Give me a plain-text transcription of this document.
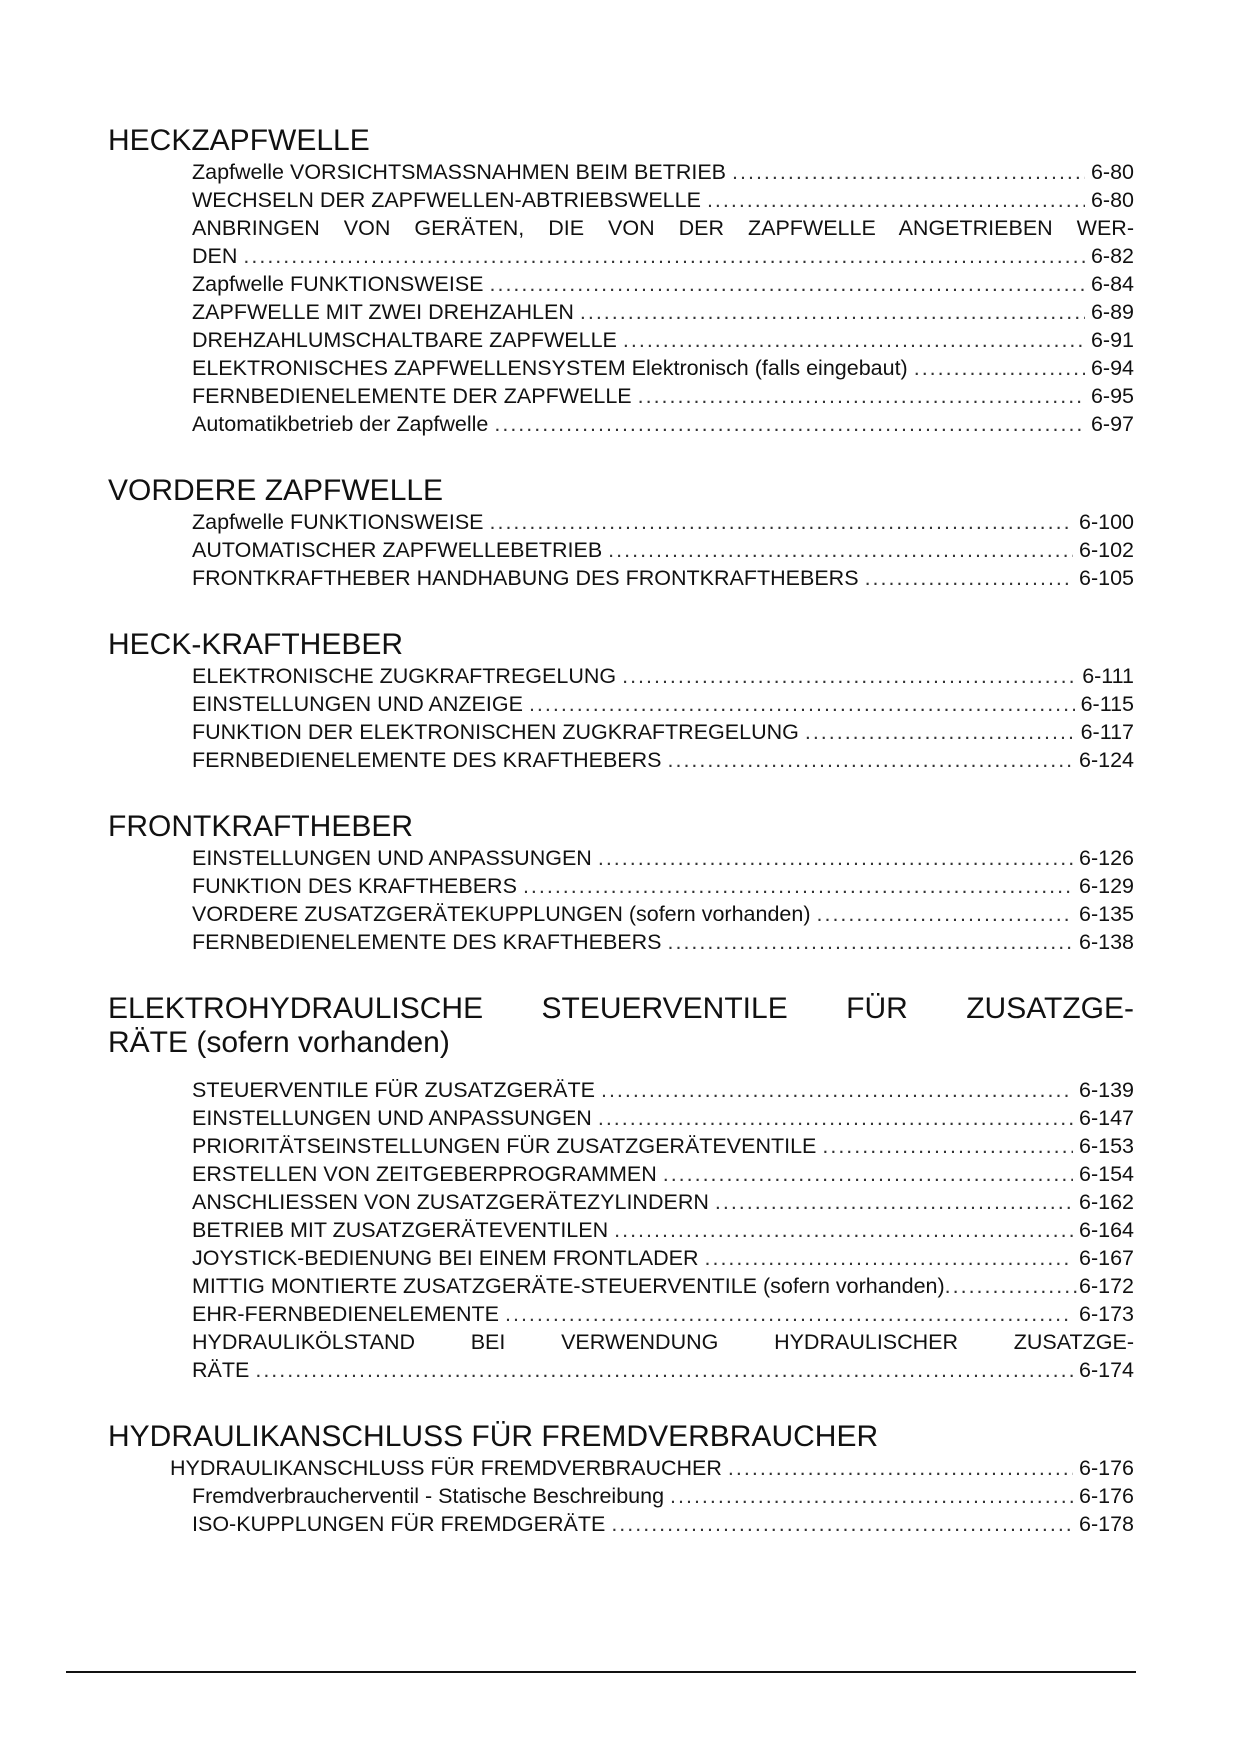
HECKZAPFWELLE
Zapfwelle VORSICHTSMASSNAHMEN BEIM BETRIEB .....	6-80
WECHSELN DER ZAPFWELLEN-ABTRIEBSWELLE .....	6-80
ANBRINGEN VON GERÄTEN, DIE VON DER ZAPFWELLE ANGETRIEBEN WER-
DEN .....	6-82
Zapfwelle FUNKTIONSWEISE .....	6-84
ZAPFWELLE MIT ZWEI DREHZAHLEN .....	6-89
DREHZAHLUMSCHALTBARE ZAPFWELLE .....	6-91
ELEKTRONISCHES ZAPFWELLENSYSTEM Elektronisch (falls eingebaut) .....	6-94
FERNBEDIENELEMENTE DER ZAPFWELLE .....	6-95
Automatikbetrieb der Zapfwelle .....	6-97
VORDERE ZAPFWELLE
Zapfwelle FUNKTIONSWEISE .....	6-100
AUTOMATISCHER ZAPFWELLEBETRIEB .....	6-102
FRONTKRAFTHEBER HANDHABUNG DES FRONTKRAFTHEBERS .....	6-105
HECK-KRAFTHEBER
ELEKTRONISCHE ZUGKRAFTREGELUNG .....	6-111
EINSTELLUNGEN UND ANZEIGE .....	6-115
FUNKTION DER ELEKTRONISCHEN ZUGKRAFTREGELUNG .....	6-117
FERNBEDIENELEMENTE DES KRAFTHEBERS .....	6-124
FRONTKRAFTHEBER
EINSTELLUNGEN UND ANPASSUNGEN .....	6-126
FUNKTION DES KRAFTHEBERS .....	6-129
VORDERE ZUSATZGERÄTEKUPPLUNGEN (sofern vorhanden) .....	6-135
FERNBEDIENELEMENTE DES KRAFTHEBERS .....	6-138
ELEKTROHYDRAULISCHE STEUERVENTILE FÜR ZUSATZGE-
RÄTE (sofern vorhanden)
STEUERVENTILE FÜR ZUSATZGERÄTE .....	6-139
EINSTELLUNGEN UND ANPASSUNGEN .....	6-147
PRIORITÄTSEINSTELLUNGEN FÜR ZUSATZGERÄTEVENTILE .....	6-153
ERSTELLEN VON ZEITGEBERPROGRAMMEN .....	6-154
ANSCHLIESSEN VON ZUSATZGERÄTEZYLINDERN .....	6-162
BETRIEB MIT ZUSATZGERÄTEVENTILEN .....	6-164
JOYSTICK-BEDIENUNG BEI EINEM FRONTLADER .....	6-167
MITTIG MONTIERTE ZUSATZGERÄTE-STEUERVENTILE (sofern vorhanden) .....	6-172
EHR-FERNBEDIENELEMENTE .....	6-173
HYDRAULIKÖLSTAND BEI VERWENDUNG HYDRAULISCHER ZUSATZGE-
RÄTE .....	6-174
HYDRAULIKANSCHLUSS FÜR FREMDVERBRAUCHER
HYDRAULIKANSCHLUSS FÜR FREMDVERBRAUCHER .....	6-176
Fremdverbraucherventil - Statische Beschreibung .....	6-176
ISO-KUPPLUNGEN FÜR FREMDGERÄTE .....	6-178
